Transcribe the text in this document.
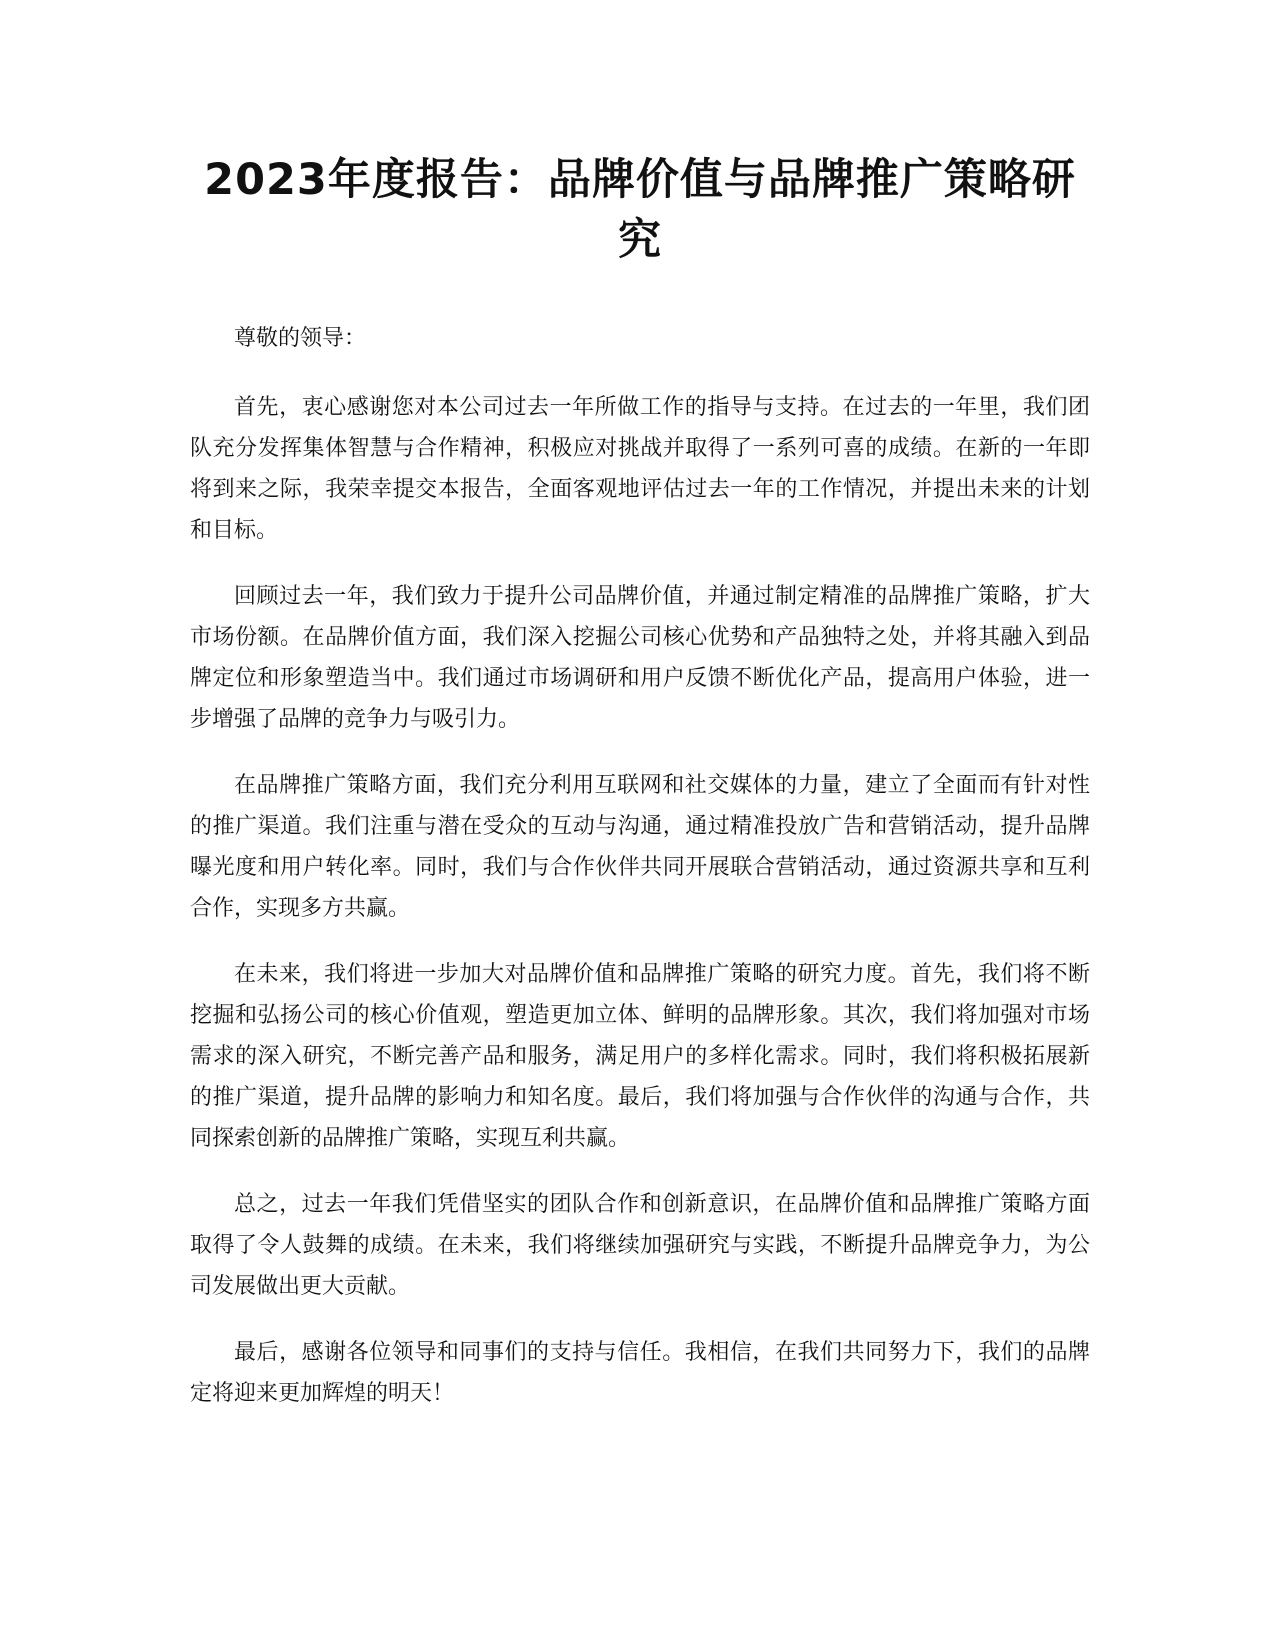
2023年度报告：品牌价值与品牌推广策略研究

尊敬的领导：

首先，衷心感谢您对本公司过去一年所做工作的指导与支持。在过去的一年里，我们团队充分发挥集体智慧与合作精神，积极应对挑战并取得了一系列可喜的成绩。在新的一年即将到来之际，我荣幸提交本报告，全面客观地评估过去一年的工作情况，并提出未来的计划和目标。

回顾过去一年，我们致力于提升公司品牌价值，并通过制定精准的品牌推广策略，扩大市场份额。在品牌价值方面，我们深入挖掘公司核心优势和产品独特之处，并将其融入到品牌定位和形象塑造当中。我们通过市场调研和用户反馈不断优化产品，提高用户体验，进一步增强了品牌的竞争力与吸引力。

在品牌推广策略方面，我们充分利用互联网和社交媒体的力量，建立了全面而有针对性的推广渠道。我们注重与潜在受众的互动与沟通，通过精准投放广告和营销活动，提升品牌曝光度和用户转化率。同时，我们与合作伙伴共同开展联合营销活动，通过资源共享和互利合作，实现多方共赢。

在未来，我们将进一步加大对品牌价值和品牌推广策略的研究力度。首先，我们将不断挖掘和弘扬公司的核心价值观，塑造更加立体、鲜明的品牌形象。其次，我们将加强对市场需求的深入研究，不断完善产品和服务，满足用户的多样化需求。同时，我们将积极拓展新的推广渠道，提升品牌的影响力和知名度。最后，我们将加强与合作伙伴的沟通与合作，共同探索创新的品牌推广策略，实现互利共赢。

总之，过去一年我们凭借坚实的团队合作和创新意识，在品牌价值和品牌推广策略方面取得了令人鼓舞的成绩。在未来，我们将继续加强研究与实践，不断提升品牌竞争力，为公司发展做出更大贡献。

最后，感谢各位领导和同事们的支持与信任。我相信，在我们共同努力下，我们的品牌定将迎来更加辉煌的明天！
